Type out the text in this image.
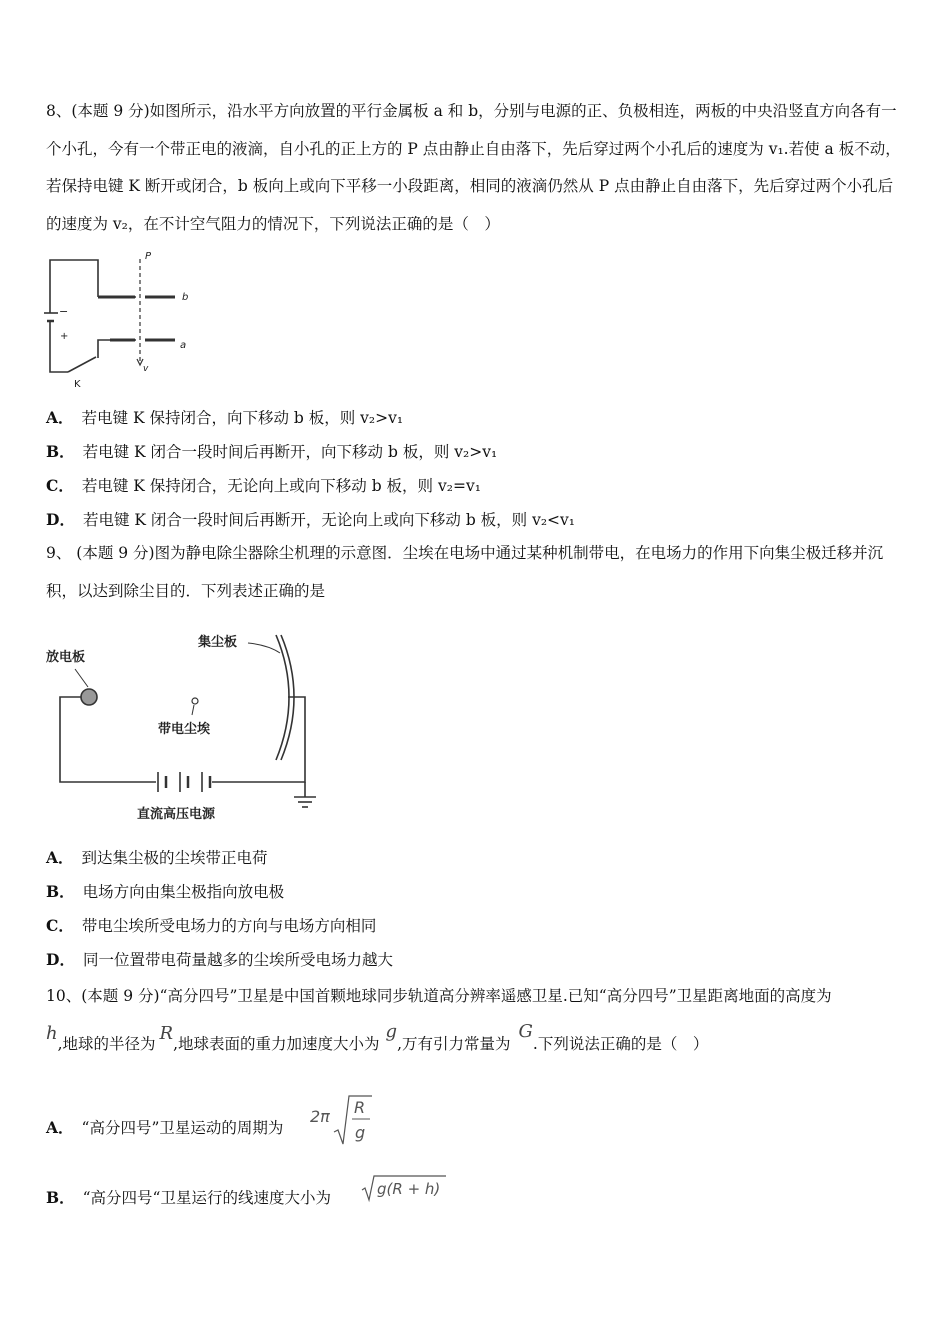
8、(本题 9 分)如图所示，沿水平方向放置的平行金属板 a 和 b，分别与电源的正、负极相连，两板的中央沿竖直方向各有一个小孔，今有一个带正电的液滴，自小孔的正上方的 P 点由静止自由落下，先后穿过两个小孔后的速度为 v₁.若使 a 板不动，若保持电键 K 断开或闭合，b 板向上或向下平移一小段距离，相同的液滴仍然从 P 点由静止自由落下，先后穿过两个小孔后的速度为 v₂，在不计空气阻力的情况下，下列说法正确的是（　）

P
b
a
v
K
−
+
A． 若电键 K 保持闭合，向下移动 b 板，则 v₂>v₁
B． 若电键 K 闭合一段时间后再断开，向下移动 b 板，则 v₂>v₁
C． 若电键 K 保持闭合，无论向上或向下移动 b 板，则 v₂=v₁
D． 若电键 K 闭合一段时间后再断开，无论向上或向下移动 b 板，则 v₂<v₁

9、 (本题 9 分)图为静电除尘器除尘机理的示意图．尘埃在电场中通过某种机制带电，在电场力的作用下向集尘极迁移并沉积，以达到除尘目的．下列表述正确的是

放电板
集尘板
带电尘埃
直流高压电源
A． 到达集尘极的尘埃带正电荷
B． 电场方向由集尘极指向放电极
C． 带电尘埃所受电场力的方向与电场方向相同
D． 同一位置带电荷量越多的尘埃所受电场力越大
10、(本题 9 分)“高分四号”卫星是中国首颗地球同步轨道高分辨率遥感卫星.已知“高分四号”卫星距离地面的高度为
h,地球的半径为 R,地球表面的重力加速度大小为g,万有引力常量为G.下列说法正确的是（　）
A． “高分四号”卫星运动的周期为
2π R
g
B． “高分四号“卫星运行的线速度大小为	g(R + h)
